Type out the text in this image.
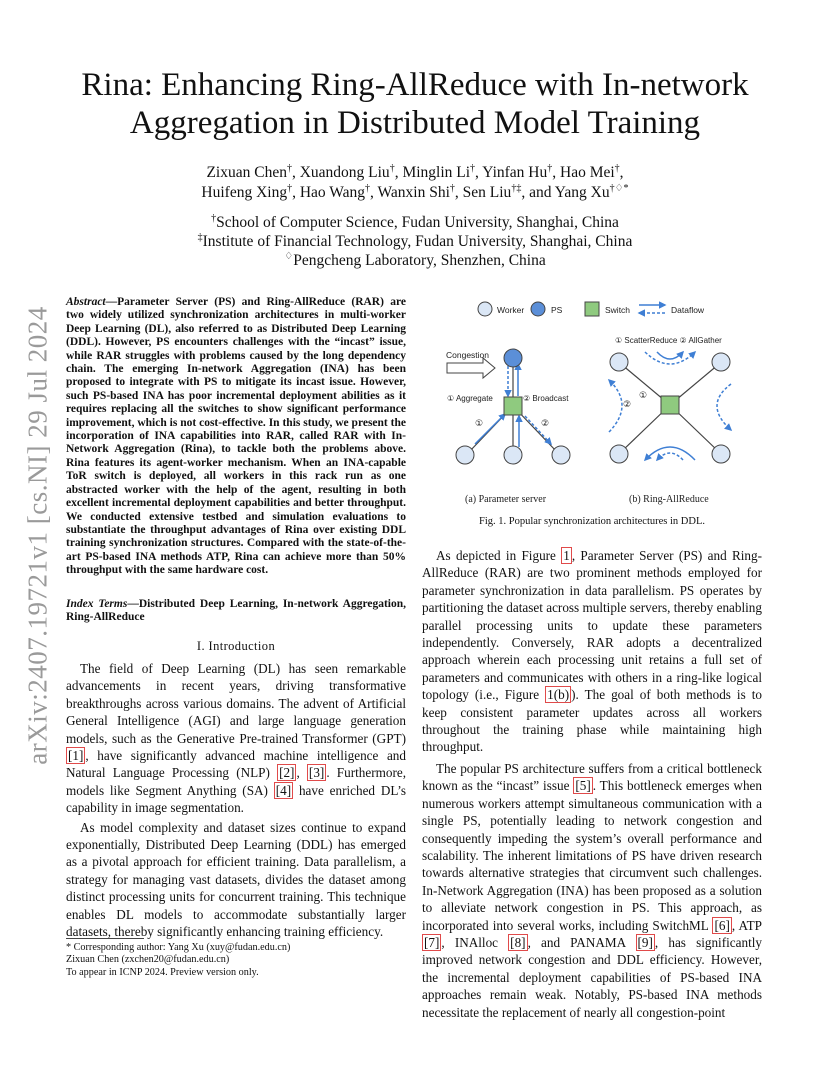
arXiv:2407.19721v1 [cs.NI] 29 Jul 2024
Rina: Enhancing Ring-AllReduce with In-network
Aggregation in Distributed Model Training
Zixuan Chen†, Xuandong Liu†, Minglin Li†, Yinfan Hu†, Hao Mei†,
Huifeng Xing†, Hao Wang†, Wanxin Shi†, Sen Liu†‡, and Yang Xu†♢*
†School of Computer Science, Fudan University, Shanghai, China
‡Institute of Financial Technology, Fudan University, Shanghai, China
♢Pengcheng Laboratory, Shenzhen, China
Abstract—Parameter Server (PS) and Ring-AllReduce (RAR) are two widely utilized synchronization architectures in multi-worker Deep Learning (DL), also referred to as Distributed Deep Learning (DDL). However, PS encounters challenges with the “incast” issue, while RAR struggles with problems caused by the long dependency chain. The emerging In-network Aggregation (INA) has been proposed to integrate with PS to mitigate its incast issue. However, such PS-based INA has poor incremental deployment abilities as it requires replacing all the switches to show significant performance improvement, which is not cost-effective. In this study, we present the incorporation of INA capabilities into RAR, called RAR with In-Network Aggregation (Rina), to tackle both the problems above. Rina features its agent-worker mechanism. When an INA-capable ToR switch is deployed, all workers in this rack run as one abstracted worker with the help of the agent, resulting in both excellent incremental deployment capabilities and better throughput. We conducted extensive testbed and simulation evaluations to substantiate the throughput advantages of Rina over existing DDL training synchronization structures. Compared with the state-of-the-art PS-based INA methods ATP, Rina can achieve more than 50% throughput with the same hardware cost.
Index Terms—Distributed Deep Learning, In-network Aggregation, Ring-AllReduce
I. Introduction

The field of Deep Learning (DL) has seen remarkable advancements in recent years, driving transformative breakthroughs across various domains. The advent of Artificial General Intelligence (AGI) and large language generation models, such as the Generative Pre-trained Transformer (GPT) [1] , have significantly advanced machine intelligence and Natural Language Processing (NLP) [2] , [3] . Furthermore, models like Segment Anything (SA) [4] have enriched DL’s capability in image segmentation.

As model complexity and dataset sizes continue to expand exponentially, Distributed Deep Learning (DDL) has emerged as a pivotal approach for efficient training. Data parallelism, a strategy for managing vast datasets, divides the dataset among distinct processing units for concurrent training. This technique enables DL models to accommodate substantially larger datasets, thereby significantly enhancing training efficiency.

* Corresponding author: Yang Xu (xuy@fudan.edu.cn)
Zixuan Chen (zxchen20@fudan.edu.cn)
To appear in ICNP 2024. Preview version only.
Worker	PS	Switch	Dataflow
Congestion
① Aggregate	② Broadcast
①	②
① ScatterReduce ② AllGather
①
②
(a) Parameter server	(b) Ring-AllReduce
Fig. 1. Popular synchronization architectures in DDL.

As depicted in Figure 1 , Parameter Server (PS) and Ring-AllReduce (RAR) are two prominent methods employed for parameter synchronization in data parallelism. PS operates by partitioning the dataset across multiple servers, thereby enabling parallel processing units to update these parameters independently. Conversely, RAR adopts a decentralized approach wherein each processing unit retains a full set of parameters and communicates with others in a ring-like logical topology (i.e., Figure 1(b) ). The goal of both methods is to keep consistent parameter updates across all workers throughout the training phase while maintaining high throughput.

The popular PS architecture suffers from a critical bottleneck known as the “incast” issue [5] . This bottleneck emerges when numerous workers attempt simultaneous communication with a single PS, potentially leading to network congestion and consequently impeding the system’s overall performance and scalability. The inherent limitations of PS have driven research towards alternative strategies that circumvent such challenges. In-Network Aggregation (INA) has been proposed as a solution to alleviate network congestion in PS. This approach, as incorporated into several works, including SwitchML [6] , ATP [7] , INAlloc [8] , and PANAMA [9] , has significantly improved network congestion and DDL efficiency. However, the incremental deployment capabilities of PS-based INA approaches remain weak. Notably, PS-based INA methods necessitate the replacement of nearly all congestion-point
